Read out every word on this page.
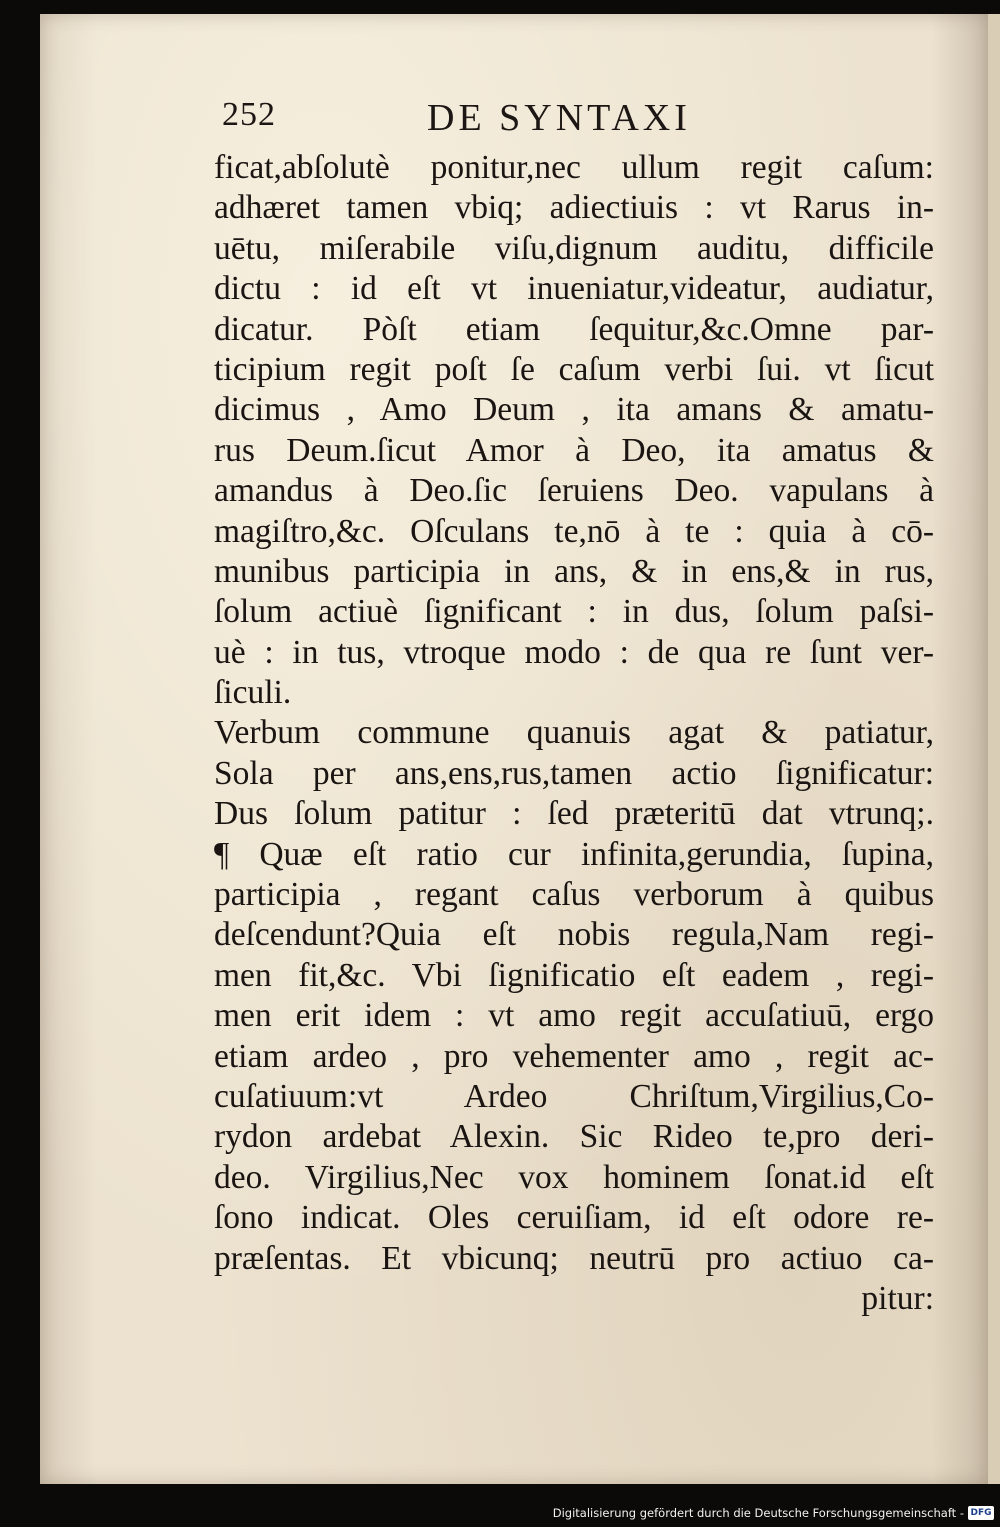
252	DE SYNTAXI
ficat,abſolutè ponitur,nec ullum regit caſum:
adhæret tamen vbiq; adiectiuis : vt Rarus in-
uētu, miſerabile viſu,dignum auditu, difficile
dictu : id eſt vt inueniatur,videatur, audiatur,
dicatur. Pòſt etiam ſequitur,&c.Omne par-
ticipium regit poſt ſe caſum verbi ſui. vt ſicut
dicimus , Amo Deum , ita amans & amatu-
rus Deum.ſicut Amor à Deo, ita amatus &
amandus à Deo.ſic ſeruiens Deo. vapulans à
magiſtro,&c. Oſculans te,nō à te : quia à cō-
munibus participia in ans, & in ens,& in rus,
ſolum actiuè ſignificant : in dus, ſolum paſsi-
uè : in tus, vtroque modo : de qua re ſunt ver-
ſiculi.
Verbum commune quanuis agat & patiatur,
Sola per ans,ens,rus,tamen actio ſignificatur:
Dus ſolum patitur : ſed præteritū dat vtrunq;.
¶ Quæ eſt ratio cur infinita,gerundia, ſupina,
participia , regant caſus verborum à quibus
deſcendunt?Quia eſt nobis regula,Nam regi-
men fit,&c. Vbi ſignificatio eſt eadem , regi-
men erit idem : vt amo regit accuſatiuū, ergo
etiam ardeo , pro vehementer amo , regit ac-
cuſatiuum:vt Ardeo Chriſtum,Virgilius,Co-
rydon ardebat Alexin. Sic Rideo te,pro deri-
deo. Virgilius,Nec vox hominem ſonat.id eſt
ſono indicat. Oles ceruiſiam, id eſt odore re-
præſentas. Et vbicunq; neutrū pro actiuo ca-
pitur:
Digitalisierung gefördert durch die Deutsche Forschungsgemeinschaft - DFG
